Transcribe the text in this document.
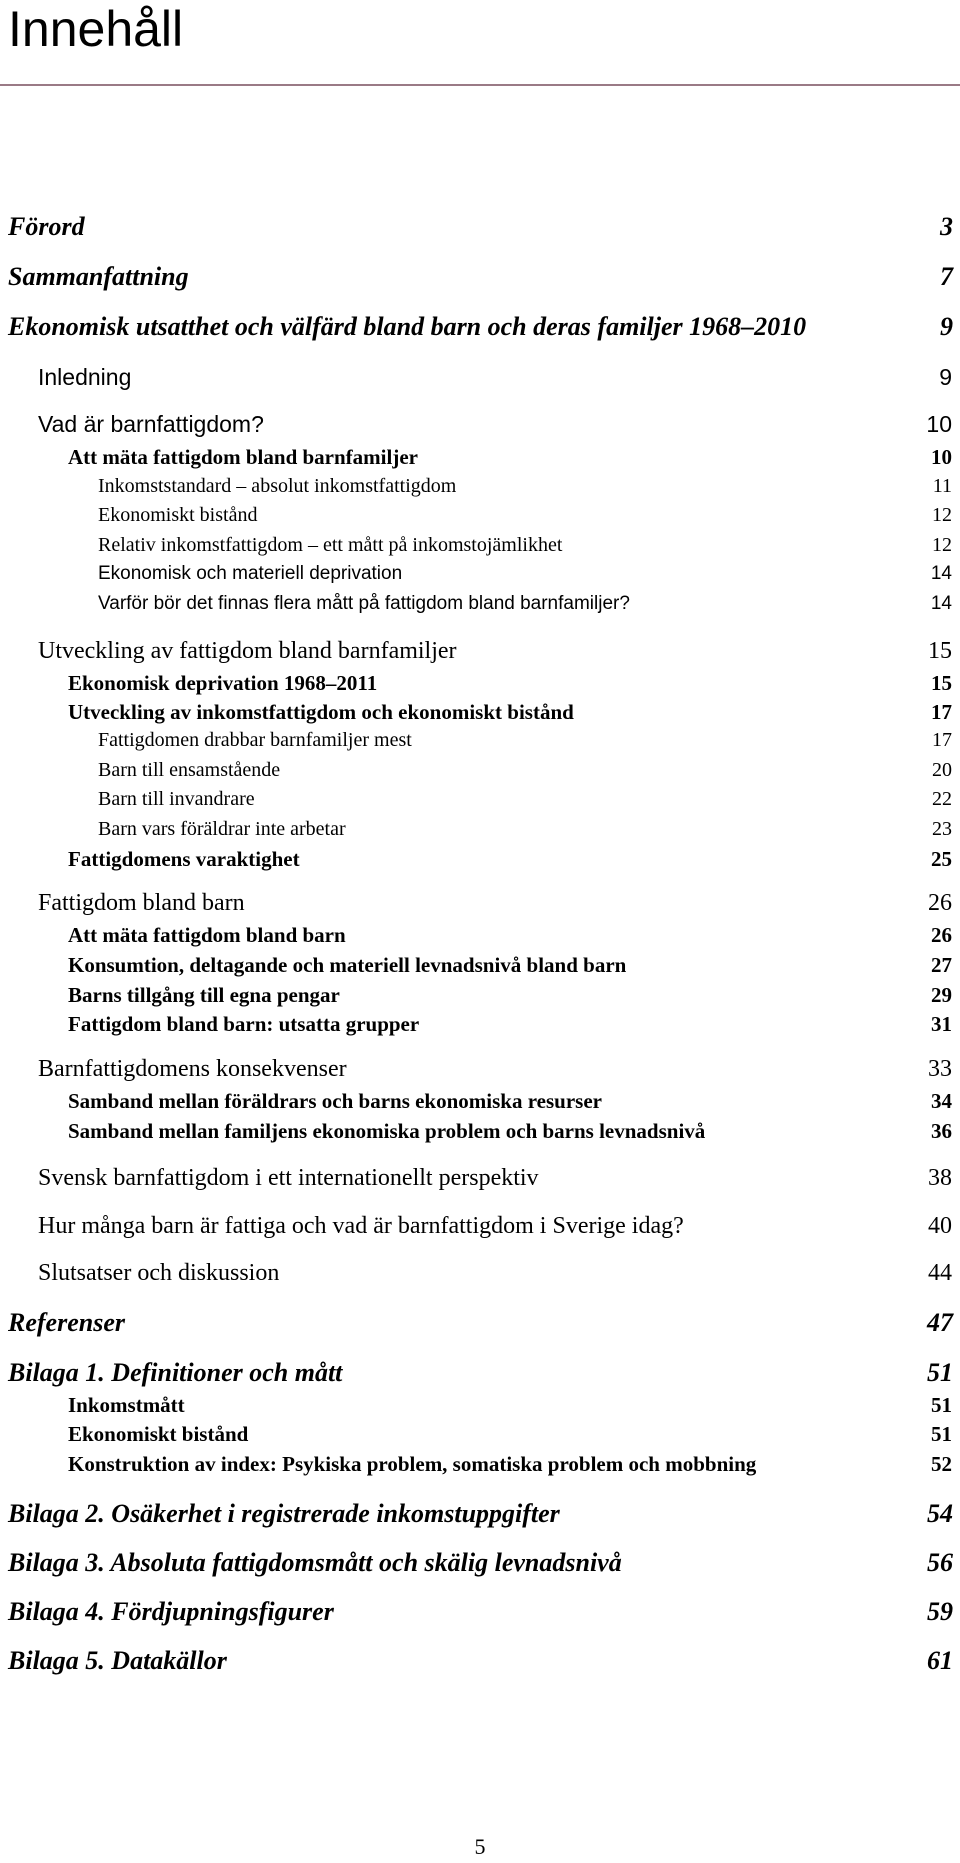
Innehåll
Förord	3
Sammanfattning	7
Ekonomisk utsatthet och välfärd bland barn och deras familjer 1968–2010	9
Inledning	9
Vad är barnfattigdom?	10
Att mäta fattigdom bland barnfamiljer	10
Inkomststandard – absolut inkomstfattigdom	11
Ekonomiskt bistånd	12
Relativ inkomstfattigdom – ett mått på inkomstojämlikhet	12
Ekonomisk och materiell deprivation	14
Varför bör det finnas flera mått på fattigdom bland barnfamiljer?	14
Utveckling av fattigdom bland barnfamiljer	15
Ekonomisk deprivation 1968–2011	15
Utveckling av inkomstfattigdom och ekonomiskt bistånd	17
Fattigdomen drabbar barnfamiljer mest	17
Barn till ensamstående	20
Barn till invandrare	22
Barn vars föräldrar inte arbetar	23
Fattigdomens varaktighet	25
Fattigdom bland barn	26
Att mäta fattigdom bland barn	26
Konsumtion, deltagande och materiell levnadsnivå bland barn	27
Barns tillgång till egna pengar	29
Fattigdom bland barn: utsatta grupper	31
Barnfattigdomens konsekvenser	33
Samband mellan föräldrars och barns ekonomiska resurser	34
Samband mellan familjens ekonomiska problem och barns levnadsnivå	36
Svensk barnfattigdom i ett internationellt perspektiv	38
Hur många barn är fattiga och vad är barnfattigdom i Sverige idag?	40
Slutsatser och diskussion	44
Referenser	47
Bilaga 1. Definitioner och mått	51
Inkomstmått	51
Ekonomiskt bistånd	51
Konstruktion av index: Psykiska problem, somatiska problem och mobbning	52
Bilaga 2. Osäkerhet i registrerade inkomstuppgifter	54
Bilaga 3. Absoluta fattigdomsmått och skälig levnadsnivå	56
Bilaga 4. Fördjupningsfigurer	59
Bilaga 5. Datakällor	61
5
